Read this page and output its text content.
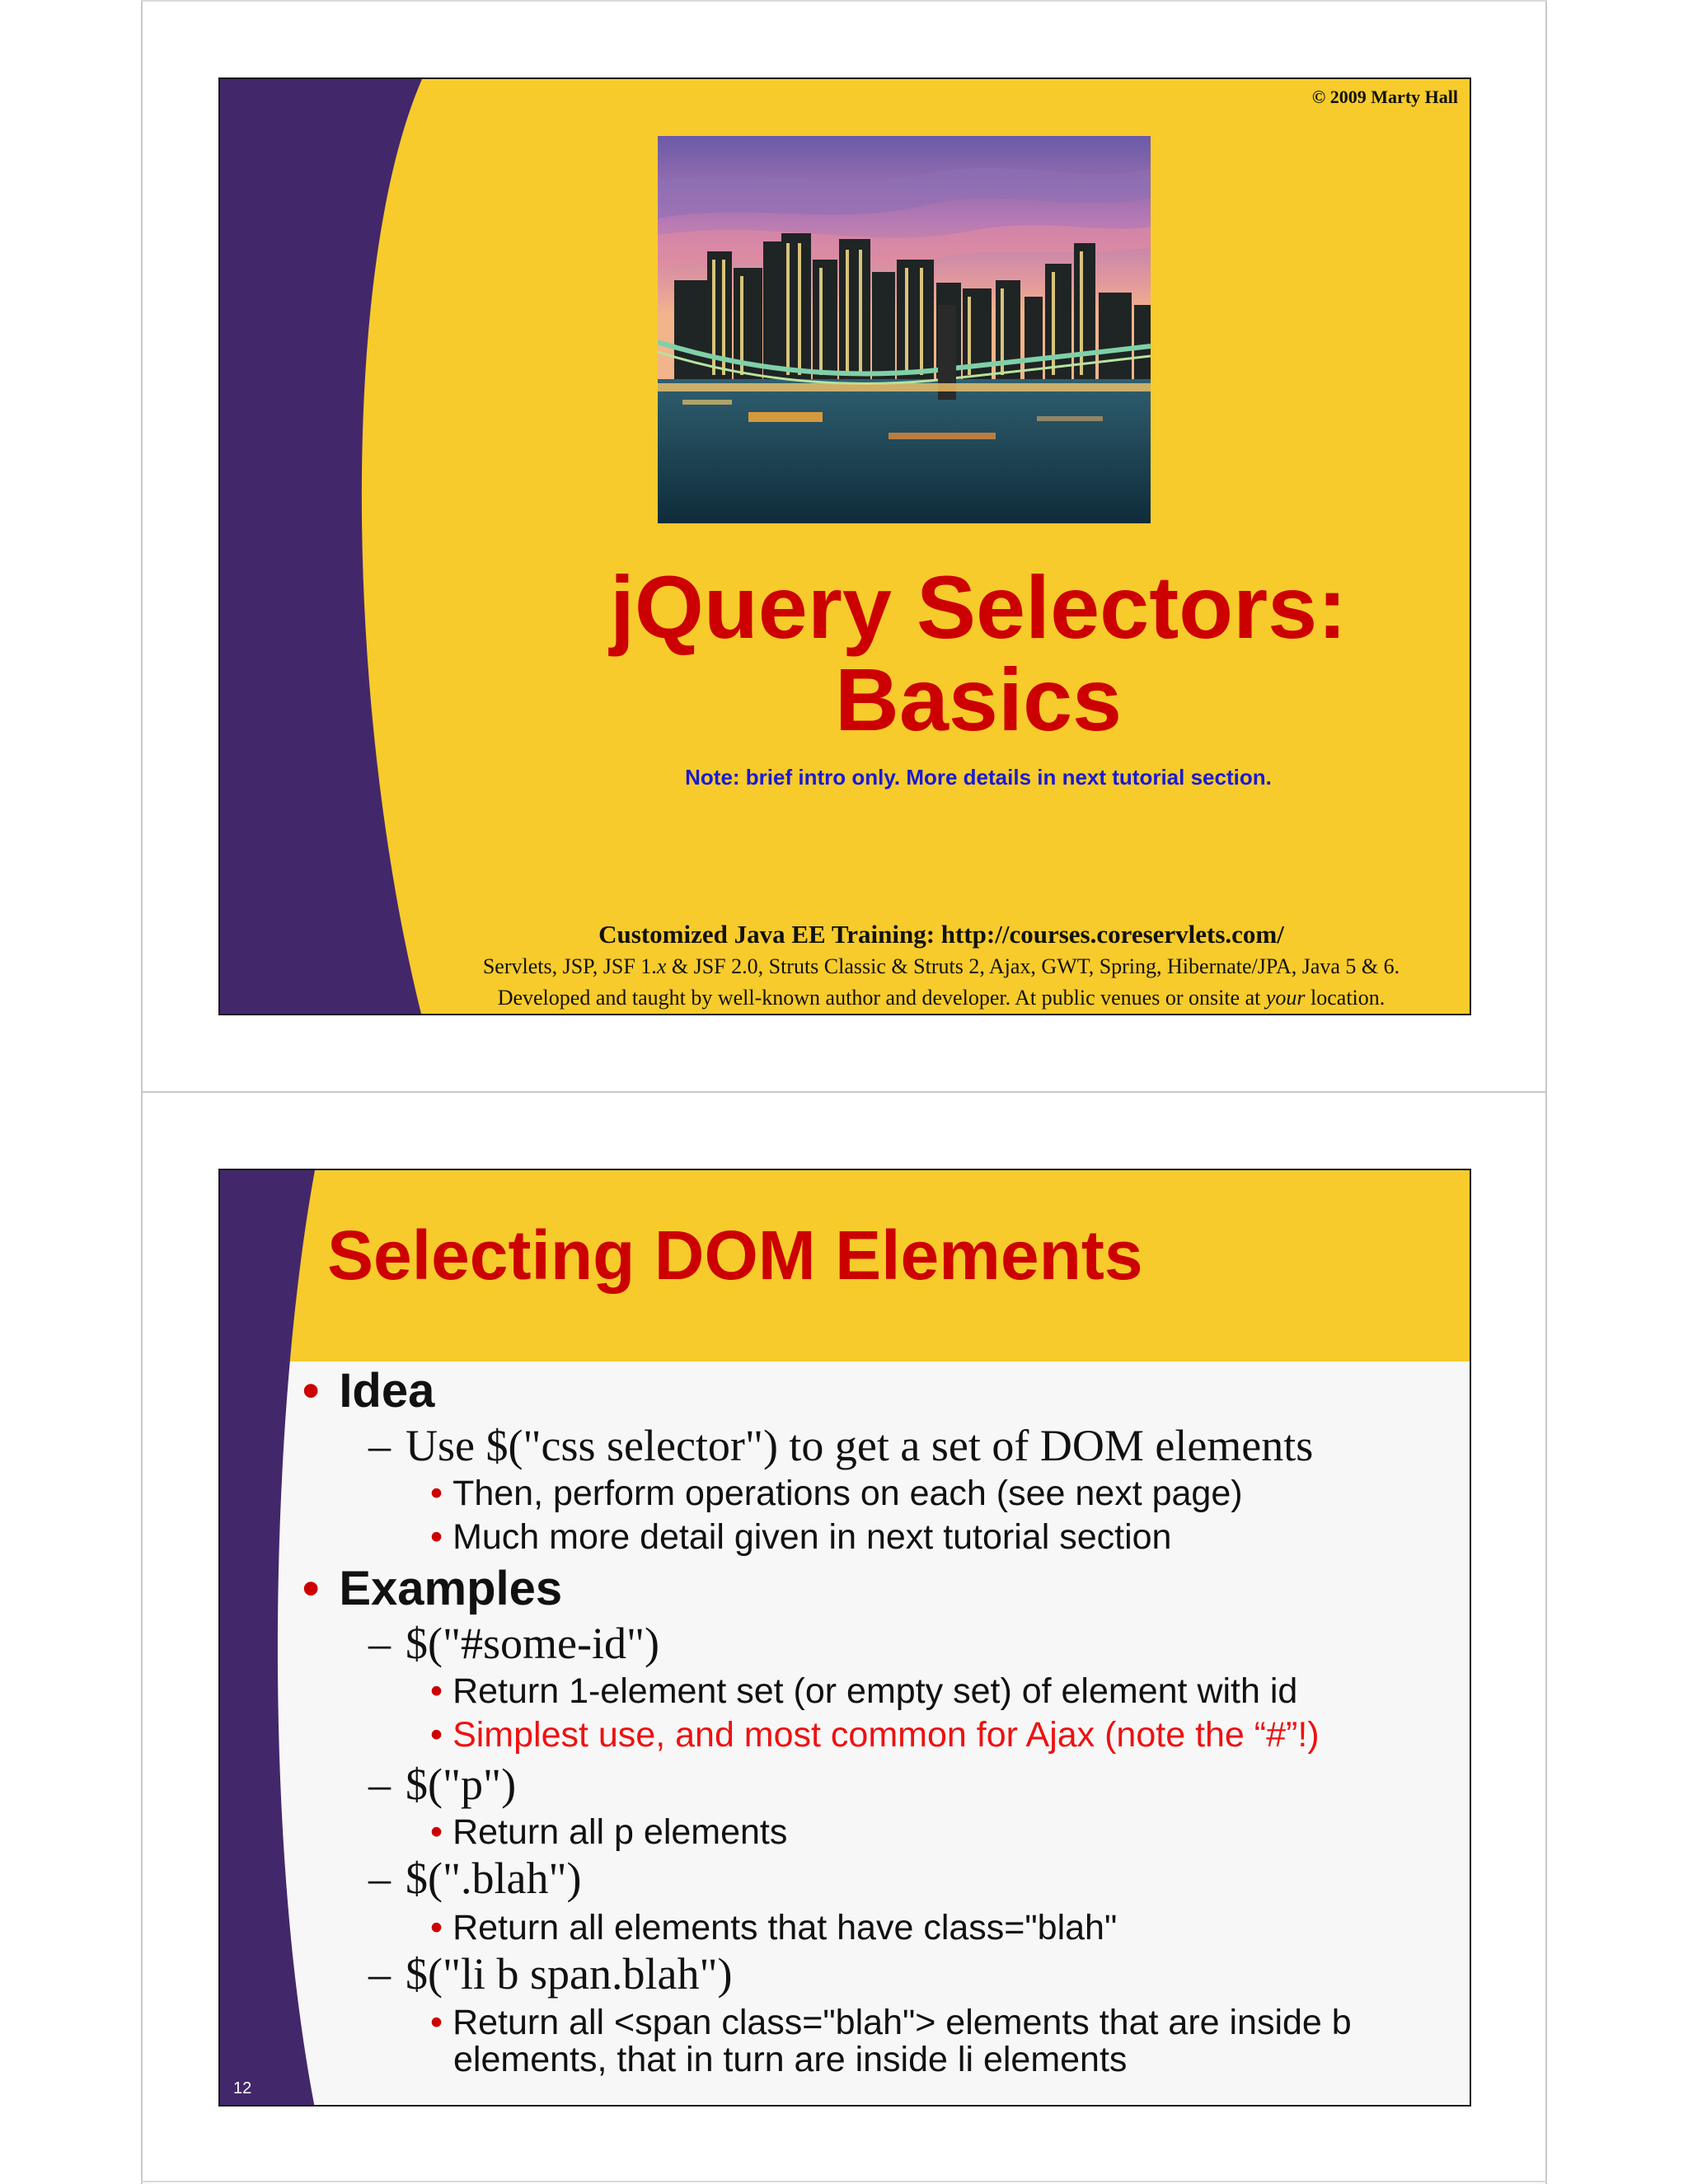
© 2009 Marty Hall
jQuery Selectors:
Basics
Note: brief intro only. More details in next tutorial section.
Customized Java EE Training: http://courses.coreservlets.com/
Servlets, JSP, JSF 1.x & JSF 2.0, Struts Classic & Struts 2, Ajax, GWT, Spring, Hibernate/JPA, Java 5 & 6.
Developed and taught by well-known author and developer. At public venues or onsite at your location.
Selecting DOM Elements
• Idea
– Use $("css selector") to get a set of DOM elements
• Then, perform operations on each (see next page)
• Much more detail given in next tutorial section
• Examples
– $("#some-id")
• Return 1-element set (or empty set) of element with id
• Simplest use, and most common for Ajax (note the “#”!)
– $("p")
• Return all p elements
– $(".blah")
• Return all elements that have class="blah"
– $("li b span.blah")
• Return all <span class="blah"> elements that are inside b
elements, that in turn are inside li elements
12
